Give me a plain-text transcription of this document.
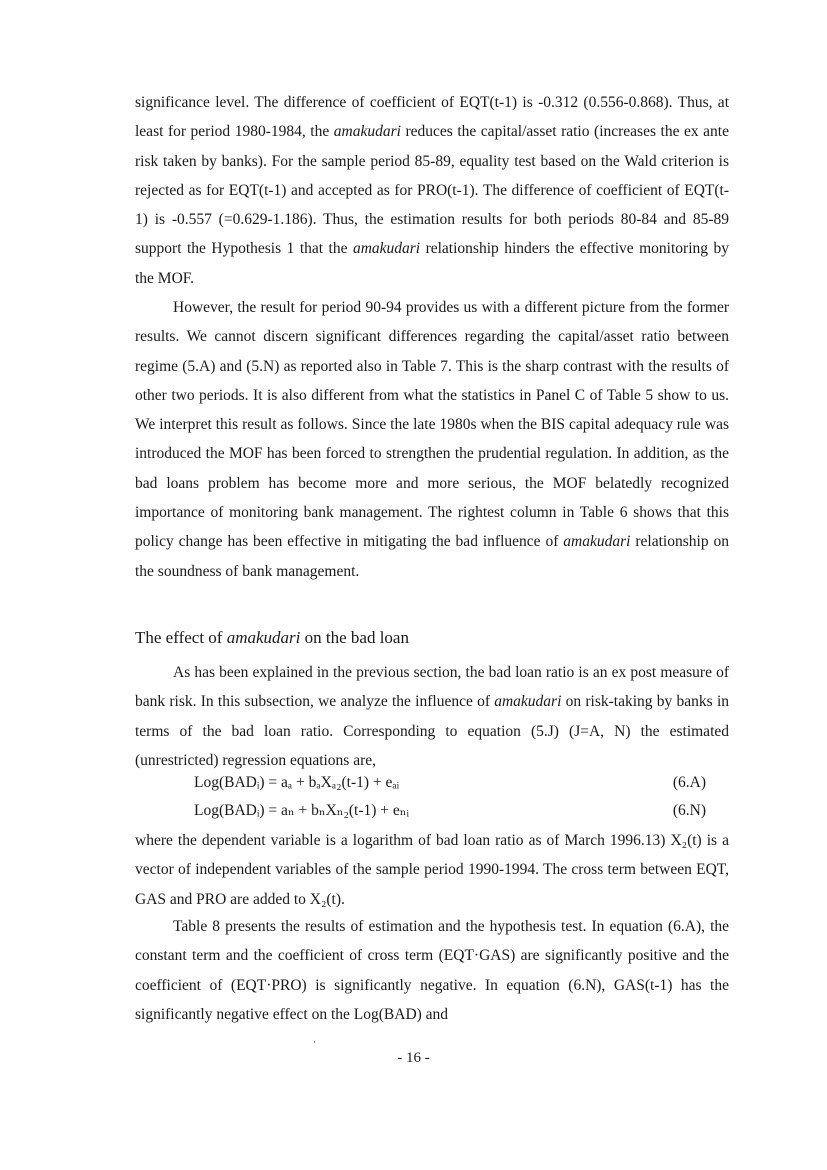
significance level. The difference of coefficient of EQT(t-1) is -0.312 (0.556-0.868). Thus, at least for period 1980-1984, the amakudari reduces the capital/asset ratio (increases the ex ante risk taken by banks). For the sample period 85-89, equality test based on the Wald criterion is rejected as for EQT(t-1) and accepted as for PRO(t-1). The difference of coefficient of EQT(t-1) is -0.557 (=0.629-1.186). Thus, the estimation results for both periods 80-84 and 85-89 support the Hypothesis 1 that the amakudari relationship hinders the effective monitoring by the MOF.

However, the result for period 90-94 provides us with a different picture from the former results. We cannot discern significant differences regarding the capital/asset ratio between regime (5.A) and (5.N) as reported also in Table 7. This is the sharp contrast with the results of other two periods. It is also different from what the statistics in Panel C of Table 5 show to us. We interpret this result as follows. Since the late 1980s when the BIS capital adequacy rule was introduced the MOF has been forced to strengthen the prudential regulation. In addition, as the bad loans problem has become more and more serious, the MOF belatedly recognized importance of monitoring bank management. The rightest column in Table 6 shows that this policy change has been effective in mitigating the bad influence of amakudari relationship on the soundness of bank management.

The effect of amakudari on the bad loan

As has been explained in the previous section, the bad loan ratio is an ex post measure of bank risk. In this subsection, we analyze the influence of amakudari on risk-taking by banks in terms of the bad loan ratio. Corresponding to equation (5.J) (J=A, N) the estimated (unrestricted) regression equations are,

Log(BADᵢ) = aₐ + bₐXₐ₂(t-1) + eₐᵢ	(6.A)
Log(BADᵢ) = aₙ + bₙXₙ₂(t-1) + eₙᵢ	(6.N)

where the dependent variable is a logarithm of bad loan ratio as of March 1996.13) X₂(t) is a vector of independent variables of the sample period 1990-1994. The cross term between EQT, GAS and PRO are added to X₂(t).

Table 8 presents the results of estimation and the hypothesis test. In equation (6.A), the constant term and the coefficient of cross term (EQT·GAS) are significantly positive and the coefficient of (EQT·PRO) is significantly negative. In equation (6.N), GAS(t-1) has the significantly negative effect on the Log(BAD) and

- 16 -
